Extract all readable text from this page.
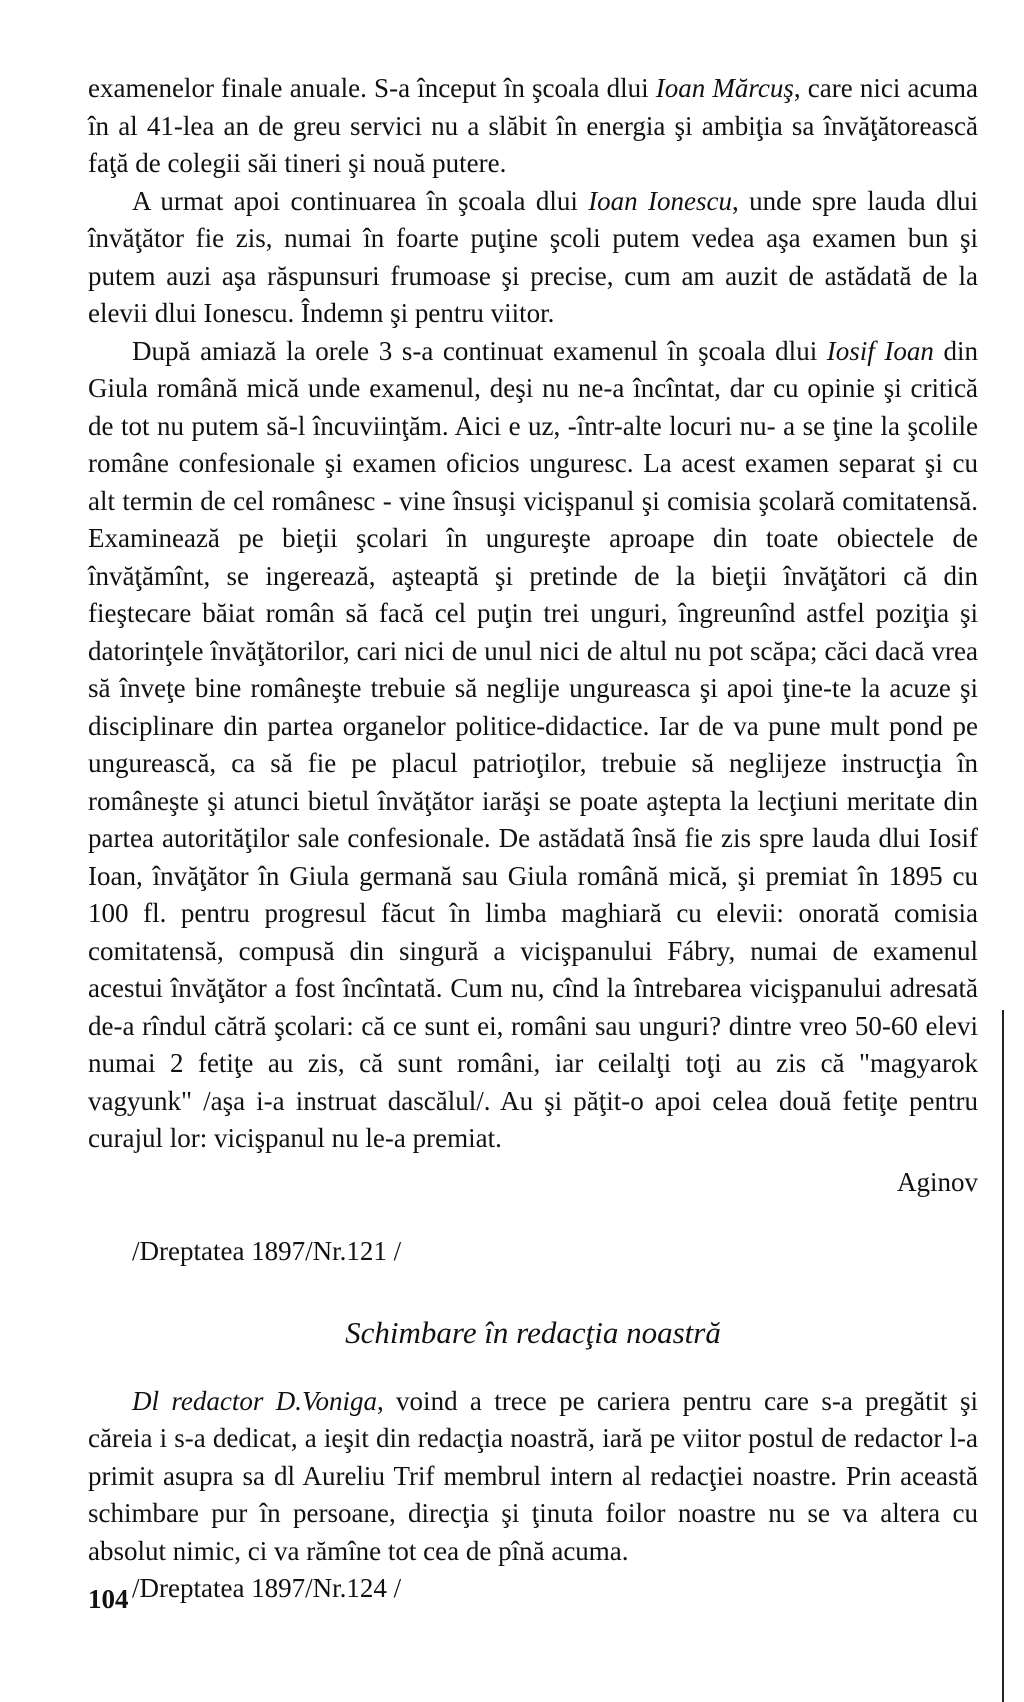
examenelor finale anuale. S-a început în şcoala dlui Ioan Mărcuş, care nici acuma în al 41-lea an de greu servici nu a slăbit în energia şi ambiţia sa învăţătorească faţă de colegii săi tineri şi nouă putere.

A urmat apoi continuarea în şcoala dlui Ioan Ionescu, unde spre lauda dlui învăţător fie zis, numai în foarte puţine şcoli putem vedea aşa examen bun şi putem auzi aşa răspunsuri frumoase şi precise, cum am auzit de astădată de la elevii dlui Ionescu. Îndemn şi pentru viitor.

După amiază la orele 3 s-a continuat examenul în şcoala dlui Iosif Ioan din Giula română mică unde examenul, deşi nu ne-a încîntat, dar cu opinie şi critică de tot nu putem să-l încuviinţăm. Aici e uz, -într-alte locuri nu- a se ţine la şcolile române confesionale şi examen oficios unguresc. La acest examen separat şi cu alt termin de cel românesc - vine însuşi vicişpanul şi comisia şcolară comitatensă. Examinează pe bieţii şcolari în ungureşte aproape din toate obiectele de învăţămînt, se ingerează, aşteaptă şi pretinde de la bieţii învăţători că din fieştecare băiat român să facă cel puţin trei unguri, îngreunînd astfel poziţia şi datorinţele învăţătorilor, cari nici de unul nici de altul nu pot scăpa; căci dacă vrea să înveţe bine româneşte trebuie să neglije ungureasca şi apoi ţine-te la acuze şi disciplinare din partea organelor politice-didactice. Iar de va pune mult pond pe ungurească, ca să fie pe placul patrioţilor, trebuie să neglijeze instrucţia în româneşte şi atunci bietul învăţător iarăşi se poate aştepta la lecţiuni meritate din partea autorităţilor sale confesionale. De astădată însă fie zis spre lauda dlui Iosif Ioan, învăţător în Giula germană sau Giula română mică, şi premiat în 1895 cu 100 fl. pentru progresul făcut în limba maghiară cu elevii: onorată comisia comitatensă, compusă din singură a vicişpanului Fábry, numai de examenul acestui învăţător a fost încîntată. Cum nu, cînd la întrebarea vicişpanului adresată de-a rîndul cătră şcolari: că ce sunt ei, români sau unguri? dintre vreo 50-60 elevi numai 2 fetiţe au zis, că sunt români, iar ceilalţi toţi au zis că "magyarok vagyunk" /aşa i-a instruat dascălul/. Au şi păţit-o apoi celea două fetiţe pentru curajul lor: vicişpanul nu le-a premiat.

Aginov
/Dreptatea 1897/Nr.121 /
Schimbare în redacţia noastră

Dl redactor D.Voniga, voind a trece pe cariera pentru care s-a pregătit şi căreia i s-a dedicat, a ieşit din redacţia noastră, iară pe viitor postul de redactor l-a primit asupra sa dl Aureliu Trif membrul intern al redacţiei noastre. Prin această schimbare pur în persoane, direcţia şi ţinuta foilor noastre nu se va altera cu absolut nimic, ci va rămîne tot cea de pînă acuma.

/Dreptatea 1897/Nr.124 /
104
